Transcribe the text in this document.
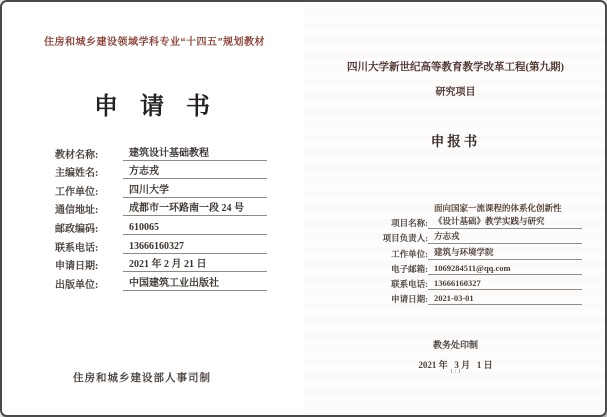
住房和城乡建设领域学科专业“十四五”规划教材
申请书
教材名称:	建筑设计基础教程
主编姓名:	方志戎
工作单位:	四川大学
通信地址:	成都市一环路南一段 24 号
邮政编码:	610065
联系电话:	13666160327
申请日期:	2021 年 2 月 21 日
出版单位:	中国建筑工业出版社
住房和城乡建设部人事司制
四川大学新世纪高等教育教学改革工程(第九期)
研究项目
申报书
面向国家一流课程的体系化创新性
项目名称: 《设计基础》教学实践与研究
项目负责人: 方志戎
工作单位: 建筑与环境学院
电子邮箱: 1069284511@qq.com
联系电话: 13666160327
申请日期: 2021-03-01
教务处印制
2021 年   3 月   1 日
1 / 1
